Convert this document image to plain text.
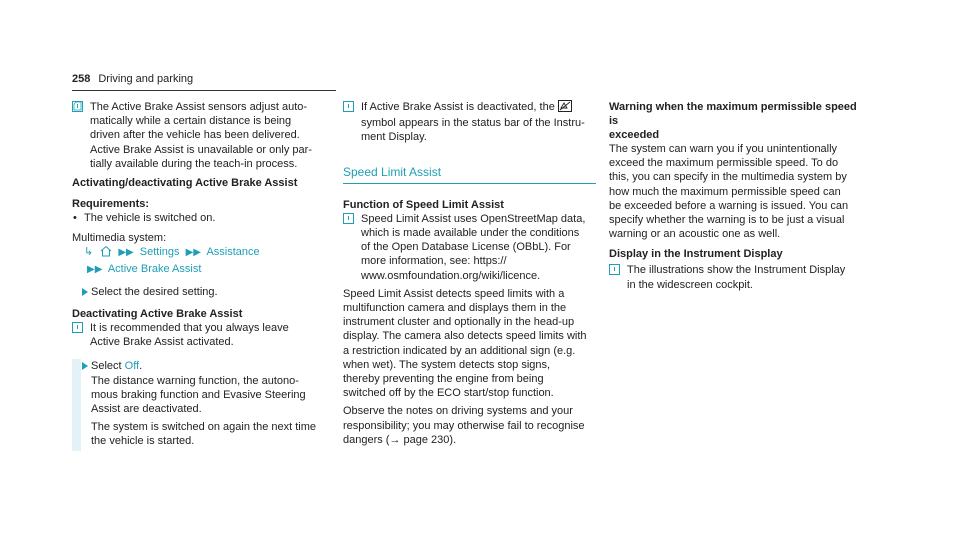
258 Driving and parking
The Active Brake Assist sensors adjust auto-
matically while a certain distance is being
driven after the vehicle has been delivered.
Active Brake Assist is unavailable or only par-
tially available during the teach-in process.
Activating/deactivating Active Brake Assist
Requirements:
• The vehicle is switched on.
Multimedia system:
↳	▶▶ Settings ▶▶ Assistance
▶▶ Active Brake Assist
Select the desired setting.
Deactivating Active Brake Assist
It is recommended that you always leave
Active Brake Assist activated.
Select Off.
The distance warning function, the autono-
mous braking function and Evasive Steering
Assist are deactivated.
The system is switched on again the next time
the vehicle is started.
If Active Brake Assist is deactivated, the
symbol appears in the status bar of the Instru-
ment Display.
Speed Limit Assist
Function of Speed Limit Assist
Speed Limit Assist uses OpenStreetMap data,
which is made available under the conditions
of the Open Database License (OBbL). For
more information, see: https://
www.osmfoundation.org/wiki/licence.
Speed Limit Assist detects speed limits with a
multifunction camera and displays them in the
instrument cluster and optionally in the head-up
display. The camera also detects speed limits with
a restriction indicated by an additional sign (e.g.
when wet). The system detects stop signs,
thereby preventing the engine from being
switched off by the ECO start/stop function.
Observe the notes on driving systems and your
responsibility; you may otherwise fail to recognise
dangers (→ page 230).
Warning when the maximum permissible speed is
exceeded
The system can warn you if you unintentionally
exceed the maximum permissible speed. To do
this, you can specify in the multimedia system by
how much the maximum permissible speed can
be exceeded before a warning is issued. You can
specify whether the warning is to be just a visual
warning or an acoustic one as well.
Display in the Instrument Display
The illustrations show the Instrument Display
in the widescreen cockpit.
